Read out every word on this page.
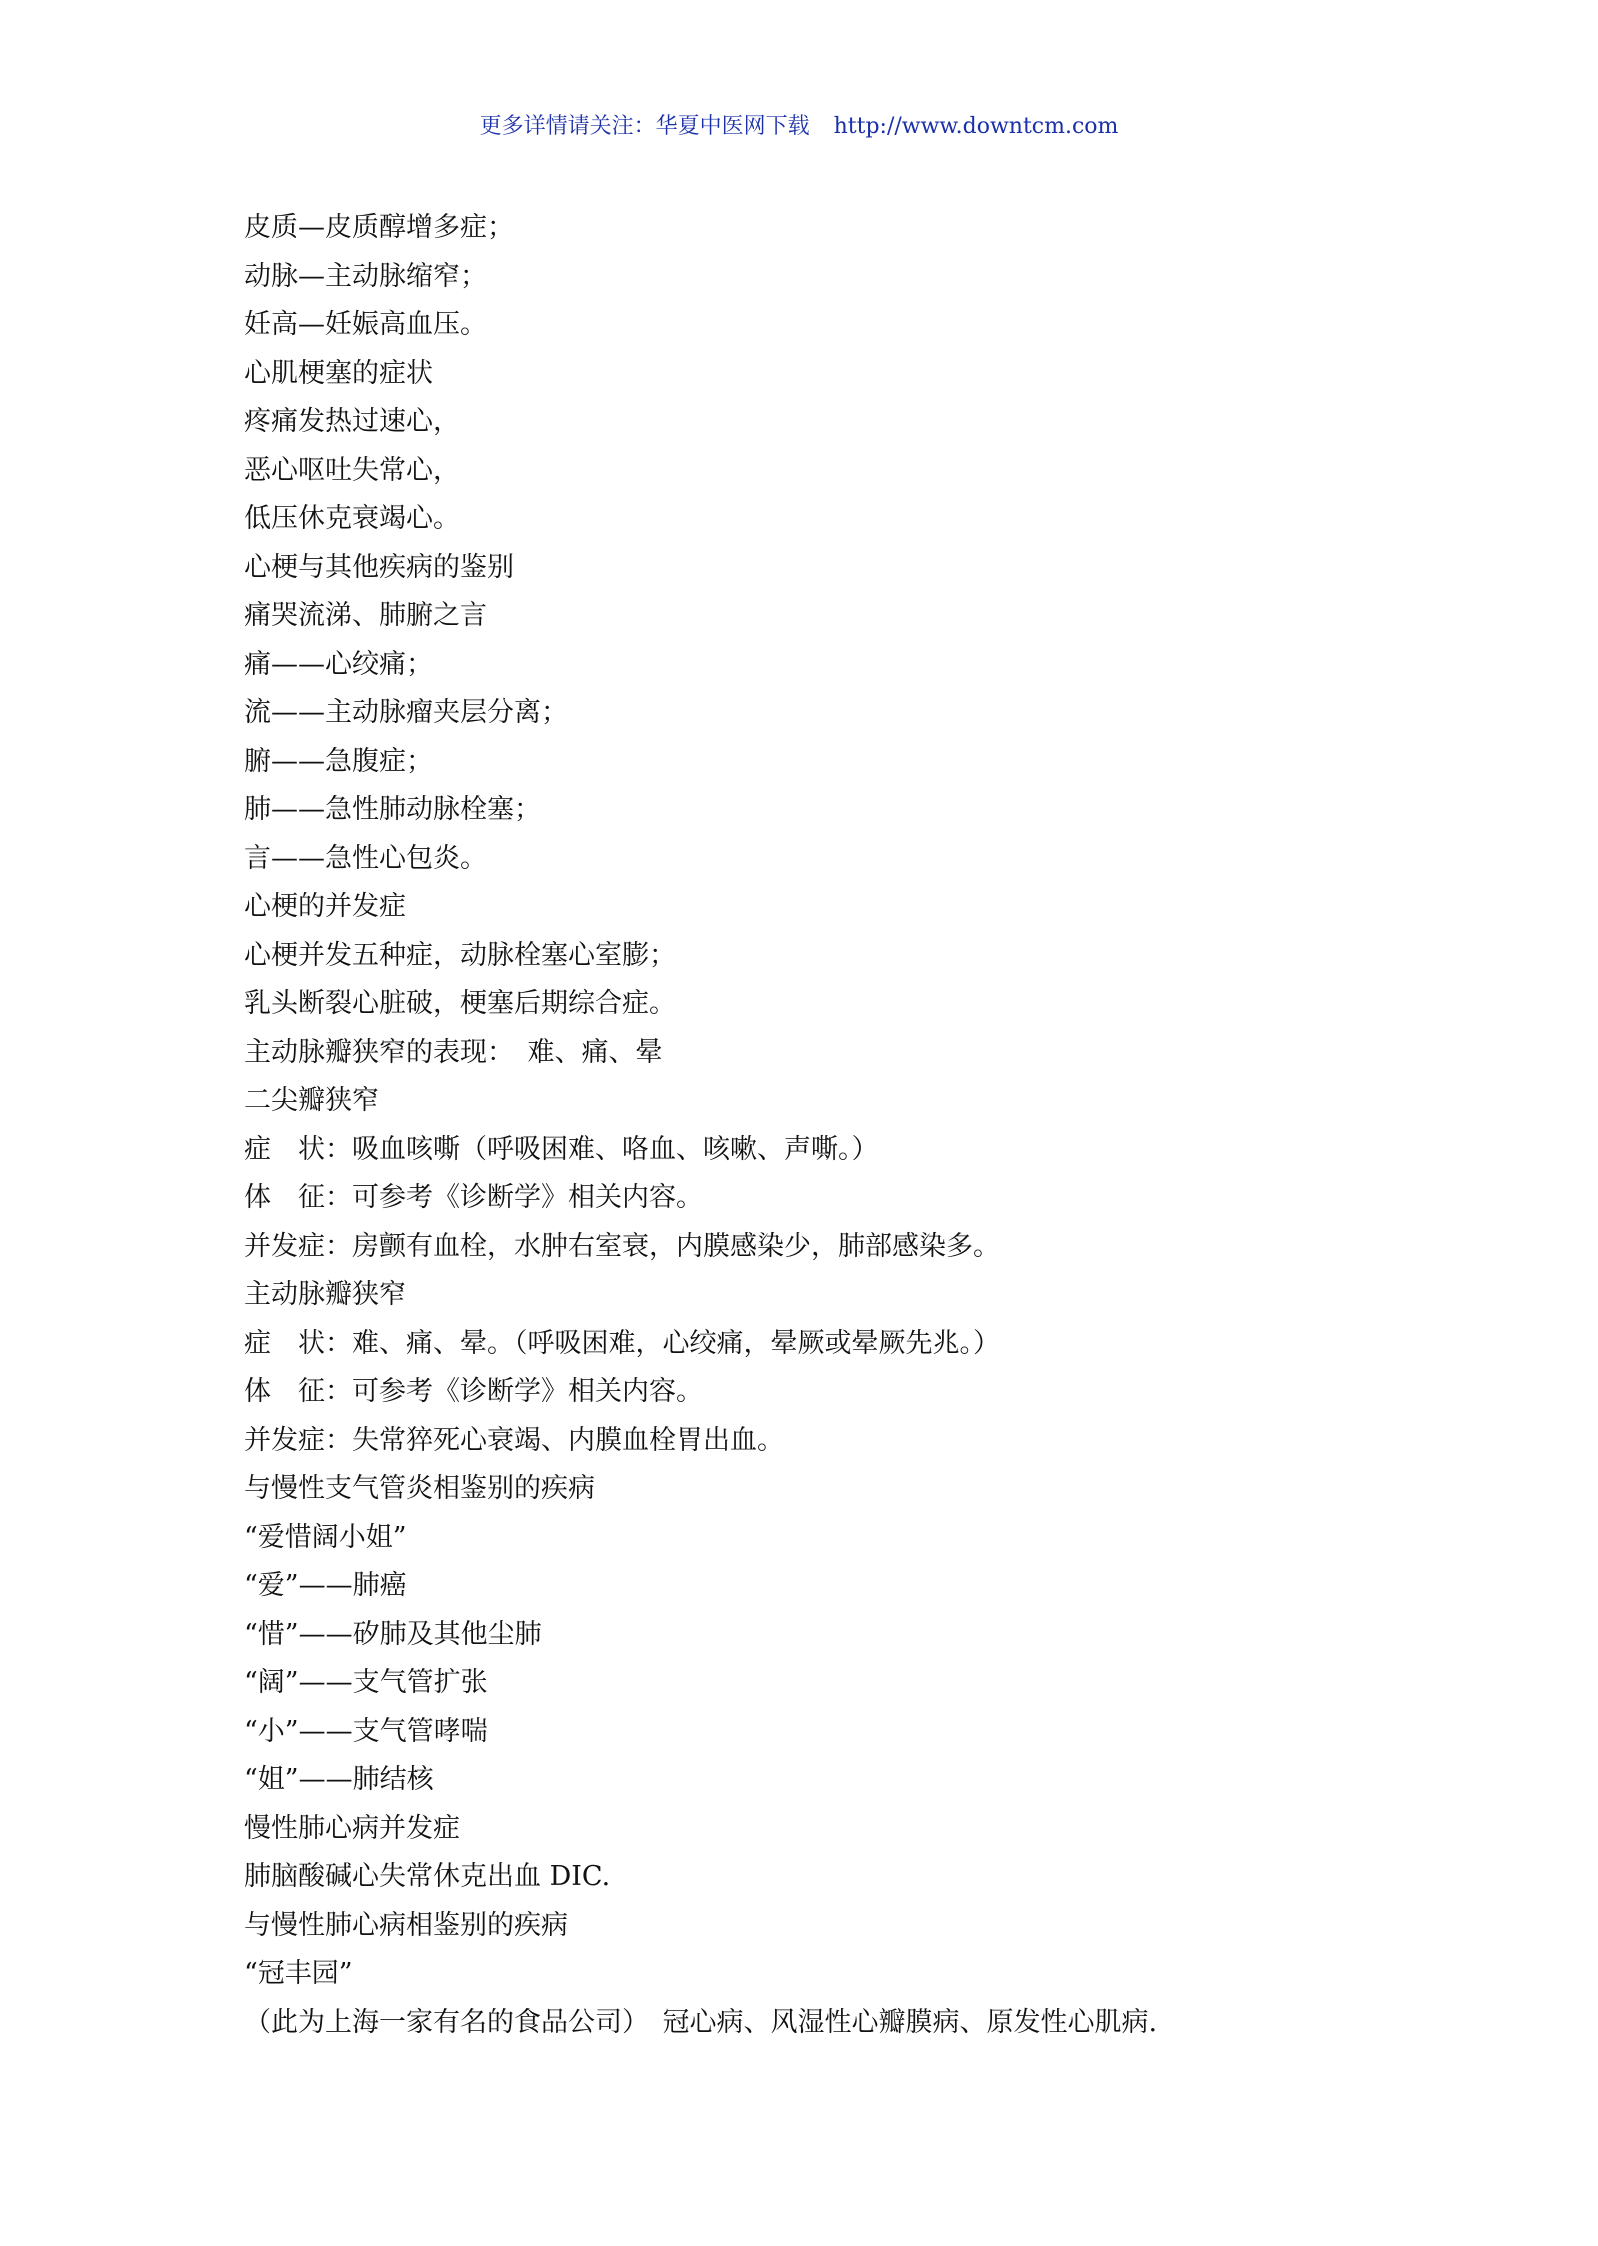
更多详情请关注：华夏中医网下载 http://www.downtcm.com
皮质—皮质醇增多症；
动脉—主动脉缩窄；
妊高—妊娠高血压。
心肌梗塞的症状
疼痛发热过速心，
恶心呕吐失常心，
低压休克衰竭心。
心梗与其他疾病的鉴别
痛哭流涕、肺腑之言
痛——心绞痛；
流——主动脉瘤夹层分离；
腑——急腹症；
肺——急性肺动脉栓塞；
言——急性心包炎。
心梗的并发症
心梗并发五种症，动脉栓塞心室膨；
乳头断裂心脏破，梗塞后期综合症。
主动脉瓣狭窄的表现：　难、痛、晕
二尖瓣狭窄
症　状：吸血咳嘶（呼吸困难、咯血、咳嗽、声嘶。）
体　征：可参考《诊断学》相关内容。
并发症：房颤有血栓，水肿右室衰，内膜感染少，肺部感染多。
主动脉瓣狭窄
症　状：难、痛、晕。（呼吸困难，心绞痛，晕厥或晕厥先兆。）
体　征：可参考《诊断学》相关内容。
并发症：失常猝死心衰竭、内膜血栓胃出血。
与慢性支气管炎相鉴别的疾病
“爱惜阔小姐”
“爱”——肺癌
“惜”——矽肺及其他尘肺
“阔”——支气管扩张
“小”——支气管哮喘
“姐”——肺结核
慢性肺心病并发症
肺脑酸碱心失常休克出血 DIC.
与慢性肺心病相鉴别的疾病
“冠丰园”
（此为上海一家有名的食品公司）　冠心病、风湿性心瓣膜病、原发性心肌病.
